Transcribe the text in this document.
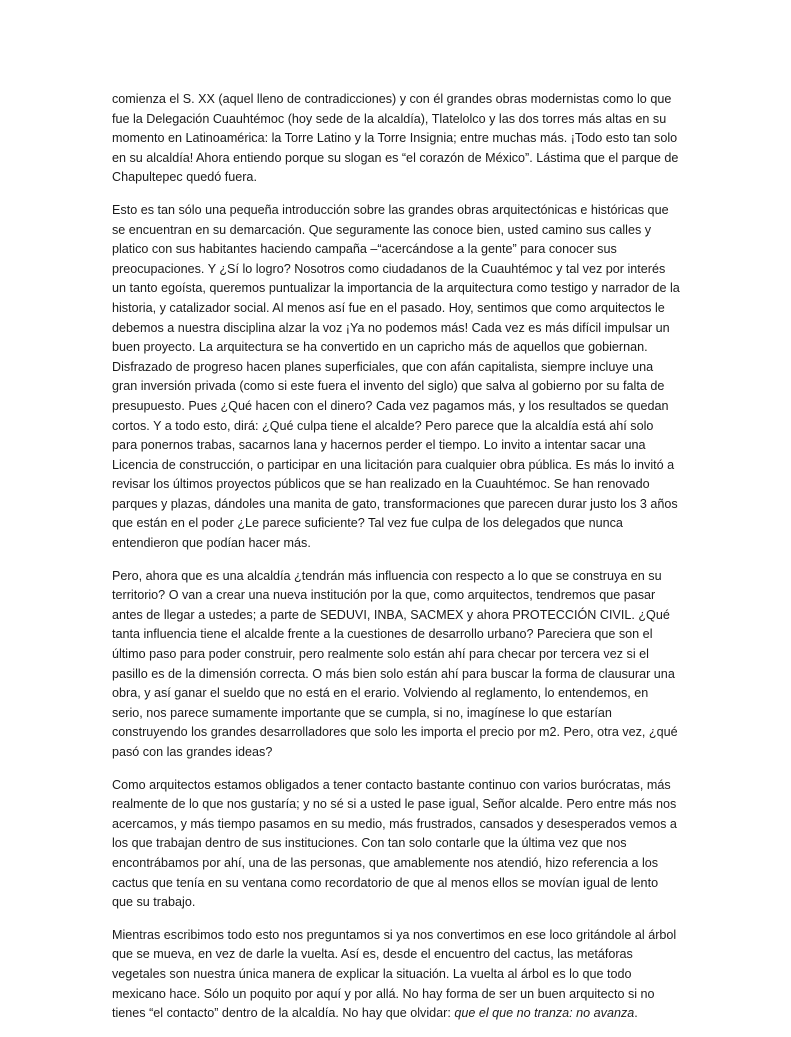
comienza el S. XX (aquel lleno de contradicciones) y con él grandes obras modernistas como lo que fue la Delegación Cuauhtémoc (hoy sede de la alcaldía), Tlatelolco y las dos torres más altas en su momento en Latinoamérica: la Torre Latino y la Torre Insignia; entre muchas más. ¡Todo esto tan solo en su alcaldía! Ahora entiendo porque su slogan es “el corazón de México”. Lástima que el parque de Chapultepec quedó fuera.

Esto es tan sólo una pequeña introducción sobre las grandes obras arquitectónicas e históricas que se encuentran en su demarcación. Que seguramente las conoce bien, usted camino sus calles y platico con sus habitantes haciendo campaña –“acercándose a la gente” para conocer sus preocupaciones. Y ¿Sí lo logro? Nosotros como ciudadanos de la Cuauhtémoc y tal vez por interés un tanto egoísta, queremos puntualizar la importancia de la arquitectura como testigo y narrador de la historia, y catalizador social. Al menos así fue en el pasado. Hoy, sentimos que como arquitectos le debemos a nuestra disciplina alzar la voz ¡Ya no podemos más! Cada vez es más difícil impulsar un buen proyecto. La arquitectura se ha convertido en un capricho más de aquellos que gobiernan. Disfrazado de progreso hacen planes superficiales, que con afán capitalista, siempre incluye una gran inversión privada (como si este fuera el invento del siglo) que salva al gobierno por su falta de presupuesto. Pues ¿Qué hacen con el dinero? Cada vez pagamos más, y los resultados se quedan cortos. Y a todo esto, dirá: ¿Qué culpa tiene el alcalde? Pero parece que la alcaldía está ahí solo para ponernos trabas, sacarnos lana y hacernos perder el tiempo. Lo invito a intentar sacar una Licencia de construcción, o participar en una licitación para cualquier obra pública. Es más lo invitó a revisar los últimos proyectos públicos que se han realizado en la Cuauhtémoc. Se han renovado parques y plazas, dándoles una manita de gato, transformaciones que parecen durar justo los 3 años que están en el poder ¿Le parece suficiente? Tal vez fue culpa de los delegados que nunca entendieron que podían hacer más.

Pero, ahora que es una alcaldía ¿tendrán más influencia con respecto a lo que se construya en su territorio? O van a crear una nueva institución por la que, como arquitectos, tendremos que pasar antes de llegar a ustedes; a parte de SEDUVI, INBA, SACMEX y ahora PROTECCIÓN CIVIL. ¿Qué tanta influencia tiene el alcalde frente a la cuestiones de desarrollo urbano? Pareciera que son el último paso para poder construir, pero realmente solo están ahí para checar por tercera vez si el pasillo es de la dimensión correcta. O más bien solo están ahí para buscar la forma de clausurar una obra, y así ganar el sueldo que no está en el erario. Volviendo al reglamento, lo entendemos, en serio, nos parece sumamente importante que se cumpla, si no, imagínese lo que estarían construyendo los grandes desarrolladores que solo les importa el precio por m2. Pero, otra vez, ¿qué pasó con las grandes ideas?

Como arquitectos estamos obligados a tener contacto bastante continuo con varios burócratas, más realmente de lo que nos gustaría; y no sé si a usted le pase igual, Señor alcalde. Pero entre más nos acercamos, y más tiempo pasamos en su medio, más frustrados, cansados y desesperados vemos a los que trabajan dentro de sus instituciones. Con tan solo contarle que la última vez que nos encontrábamos por ahí, una de las personas, que amablemente nos atendió, hizo referencia a los cactus que tenía en su ventana como recordatorio de que al menos ellos se movían igual de lento que su trabajo.

Mientras escribimos todo esto nos preguntamos si ya nos convertimos en ese loco gritándole al árbol que se mueva, en vez de darle la vuelta. Así es, desde el encuentro del cactus, las metáforas vegetales son nuestra única manera de explicar la situación. La vuelta al árbol es lo que todo mexicano hace. Sólo un poquito por aquí y por allá. No hay forma de ser un buen arquitecto si no tienes “el contacto” dentro de la alcaldía. No hay que olvidar: que el que no tranza: no avanza.
